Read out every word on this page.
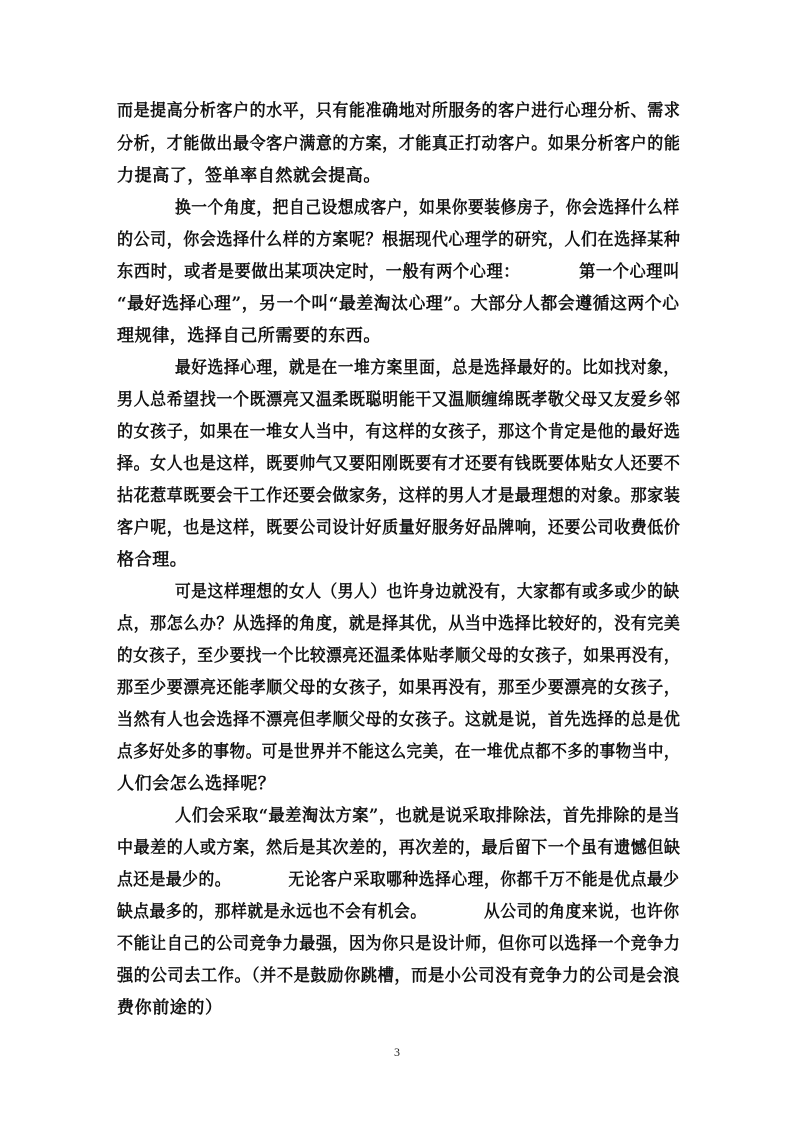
而是提高分析客户的水平，只有能准确地对所服务的客户进行心理分析、需求
分析，才能做出最令客户满意的方案，才能真正打动客户。如果分析客户的能
力提高了，签单率自然就会提高。
换一个角度，把自己设想成客户，如果你要装修房子，你会选择什么样
的公司，你会选择什么样的方案呢？根据现代心理学的研究，人们在选择某种
东西时，或者是要做出某项决定时，一般有两个心理：　　　　第一个心理叫
“最好选择心理”，另一个叫“最差淘汰心理”。大部分人都会遵循这两个心
理规律，选择自己所需要的东西。
最好选择心理，就是在一堆方案里面，总是选择最好的。比如找对象，
男人总希望找一个既漂亮又温柔既聪明能干又温顺缠绵既孝敬父母又友爱乡邻
的女孩子，如果在一堆女人当中，有这样的女孩子，那这个肯定是他的最好选
择。女人也是这样，既要帅气又要阳刚既要有才还要有钱既要体贴女人还要不
拈花惹草既要会干工作还要会做家务，这样的男人才是最理想的对象。那家装
客户呢，也是这样，既要公司设计好质量好服务好品牌响，还要公司收费低价
格合理。
可是这样理想的女人（男人）也许身边就没有，大家都有或多或少的缺
点，那怎么办？从选择的角度，就是择其优，从当中选择比较好的，没有完美
的女孩子，至少要找一个比较漂亮还温柔体贴孝顺父母的女孩子，如果再没有，
那至少要漂亮还能孝顺父母的女孩子，如果再没有，那至少要漂亮的女孩子，
当然有人也会选择不漂亮但孝顺父母的女孩子。这就是说，首先选择的总是优
点多好处多的事物。可是世界并不能这么完美，在一堆优点都不多的事物当中，
人们会怎么选择呢？
人们会采取“最差淘汰方案”，也就是说采取排除法，首先排除的是当
中最差的人或方案，然后是其次差的，再次差的，最后留下一个虽有遗憾但缺
点还是最少的。　　　　无论客户采取哪种选择心理，你都千万不能是优点最少
缺点最多的，那样就是永远也不会有机会。　　　　从公司的角度来说，也许你
不能让自己的公司竞争力最强，因为你只是设计师，但你可以选择一个竞争力
强的公司去工作。（并不是鼓励你跳槽，而是小公司没有竞争力的公司是会浪
费你前途的）
3
